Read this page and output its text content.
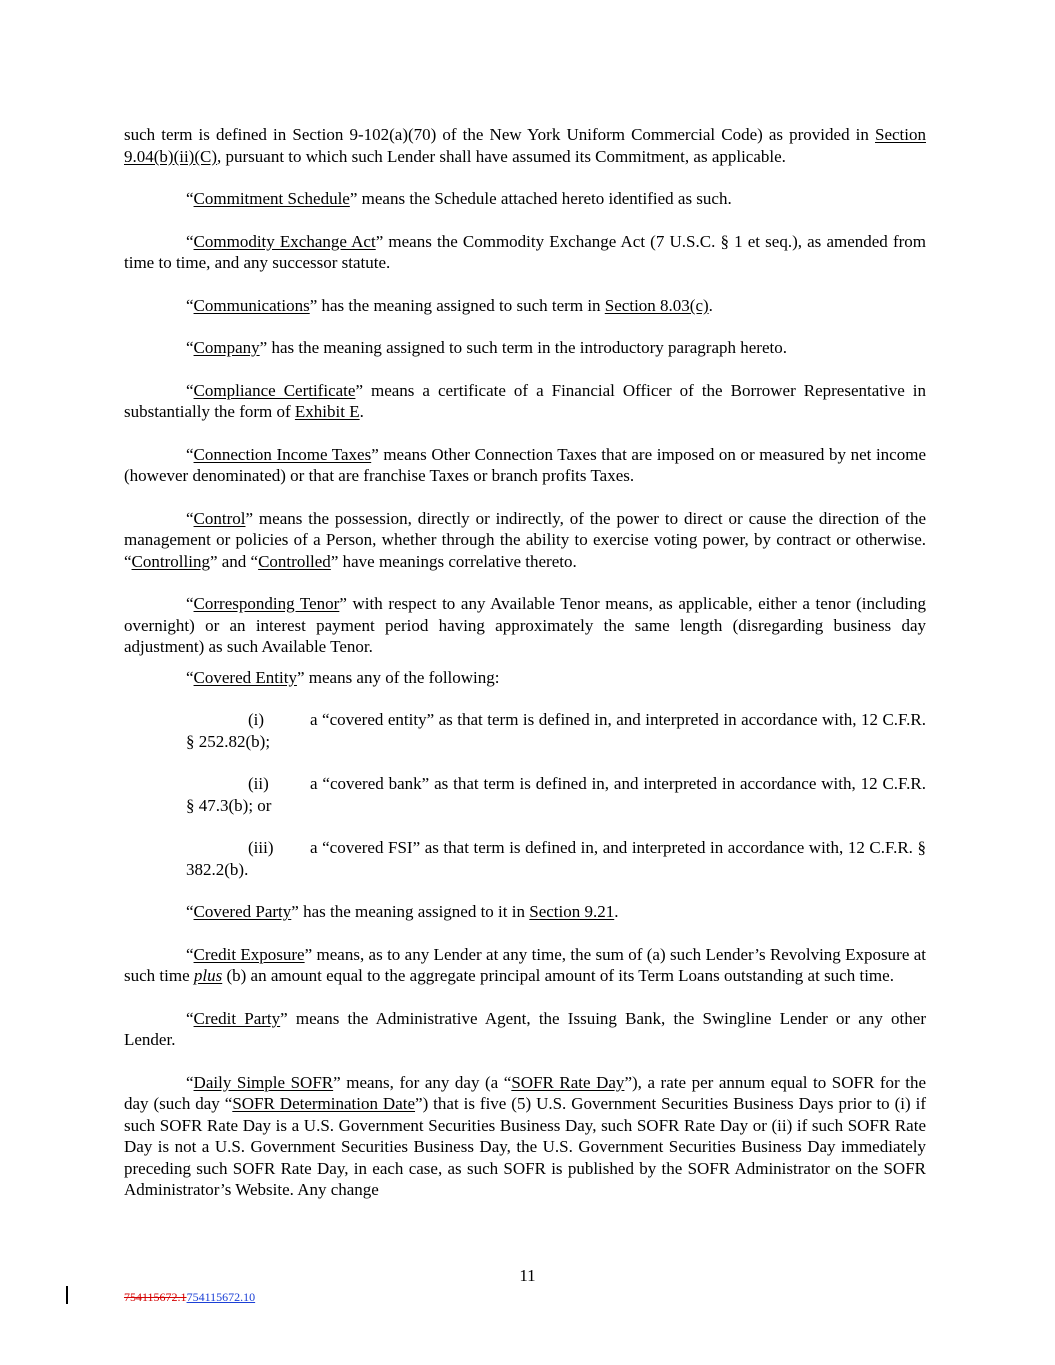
such term is defined in Section 9-102(a)(70) of the New York Uniform Commercial Code) as provided in Section 9.04(b)(ii)(C), pursuant to which such Lender shall have assumed its Commitment, as applicable.

“Commitment Schedule” means the Schedule attached hereto identified as such.

“Commodity Exchange Act” means the Commodity Exchange Act (7 U.S.C. § 1 et seq.), as amended from time to time, and any successor statute.

“Communications” has the meaning assigned to such term in Section 8.03(c).

“Company” has the meaning assigned to such term in the introductory paragraph hereto.

“Compliance Certificate” means a certificate of a Financial Officer of the Borrower Representative in substantially the form of Exhibit E.

“Connection Income Taxes” means Other Connection Taxes that are imposed on or measured by net income (however denominated) or that are franchise Taxes or branch profits Taxes.

“Control” means the possession, directly or indirectly, of the power to direct or cause the direction of the management or policies of a Person, whether through the ability to exercise voting power, by contract or otherwise. “Controlling” and “Controlled” have meanings correlative thereto.

“Corresponding Tenor” with respect to any Available Tenor means, as applicable, either a tenor (including overnight) or an interest payment period having approximately the same length (disregarding business day adjustment) as such Available Tenor.

“Covered Entity” means any of the following:

(i)	a “covered entity” as that term is defined in, and interpreted in accordance with, 12 C.F.R. § 252.82(b);

(ii) a “covered bank” as that term is defined in, and interpreted in accordance with, 12 C.F.R. § 47.3(b); or

(iii) a “covered FSI” as that term is defined in, and interpreted in accordance with, 12 C.F.R. § 382.2(b).

“Covered Party” has the meaning assigned to it in Section 9.21.

“Credit Exposure” means, as to any Lender at any time, the sum of (a) such Lender’s Revolving Exposure at such time plus (b) an amount equal to the aggregate principal amount of its Term Loans outstanding at such time.

“Credit Party” means the Administrative Agent, the Issuing Bank, the Swingline Lender or any other Lender.

“Daily Simple SOFR” means, for any day (a “SOFR Rate Day”), a rate per annum equal to SOFR for the day (such day “SOFR Determination Date”) that is five (5) U.S. Government Securities Business Days prior to (i) if such SOFR Rate Day is a U.S. Government Securities Business Day, such SOFR Rate Day or (ii) if such SOFR Rate Day is not a U.S. Government Securities Business Day, the U.S. Government Securities Business Day immediately preceding such SOFR Rate Day, in each case, as such SOFR is published by the SOFR Administrator on the SOFR Administrator’s Website. Any change

11
754115672.1754115672.10
